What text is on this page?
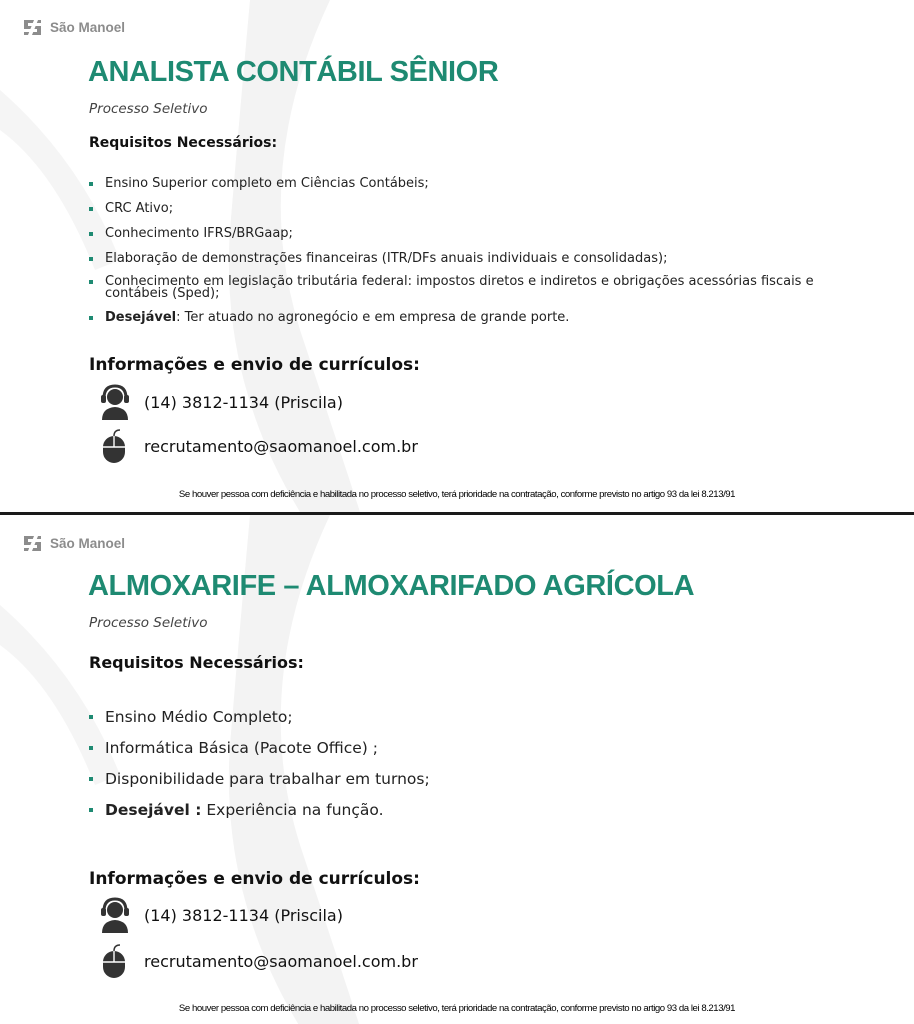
São Manoel
ANALISTA CONTÁBIL SÊNIOR
Processo Seletivo
Requisitos Necessários:
Ensino Superior completo em Ciências Contábeis;
CRC Ativo;
Conhecimento IFRS/BRGaap;
Elaboração de demonstrações financeiras (ITR/DFs anuais individuais e consolidadas);
Conhecimento em legislação tributária federal: impostos diretos e indiretos e obrigações acessórias fiscais e contábeis (Sped);
Desejável: Ter atuado no agronegócio e em empresa de grande porte.
Informações e envio de currículos:
(14) 3812-1134 (Priscila)
recrutamento@saomanoel.com.br
Se houver pessoa com deficiência e habilitada no processo seletivo, terá prioridade na contratação, conforme previsto no artigo 93 da lei 8.213/91
São Manoel
ALMOXARIFE – ALMOXARIFADO AGRÍCOLA
Processo Seletivo
Requisitos Necessários:
Ensino Médio Completo;
Informática Básica (Pacote Office) ;
Disponibilidade para trabalhar em turnos;
Desejável : Experiência na função.
Informações e envio de currículos:
(14) 3812-1134 (Priscila)
recrutamento@saomanoel.com.br
Se houver pessoa com deficiência e habilitada no processo seletivo, terá prioridade na contratação, conforme previsto no artigo 93 da lei 8.213/91
